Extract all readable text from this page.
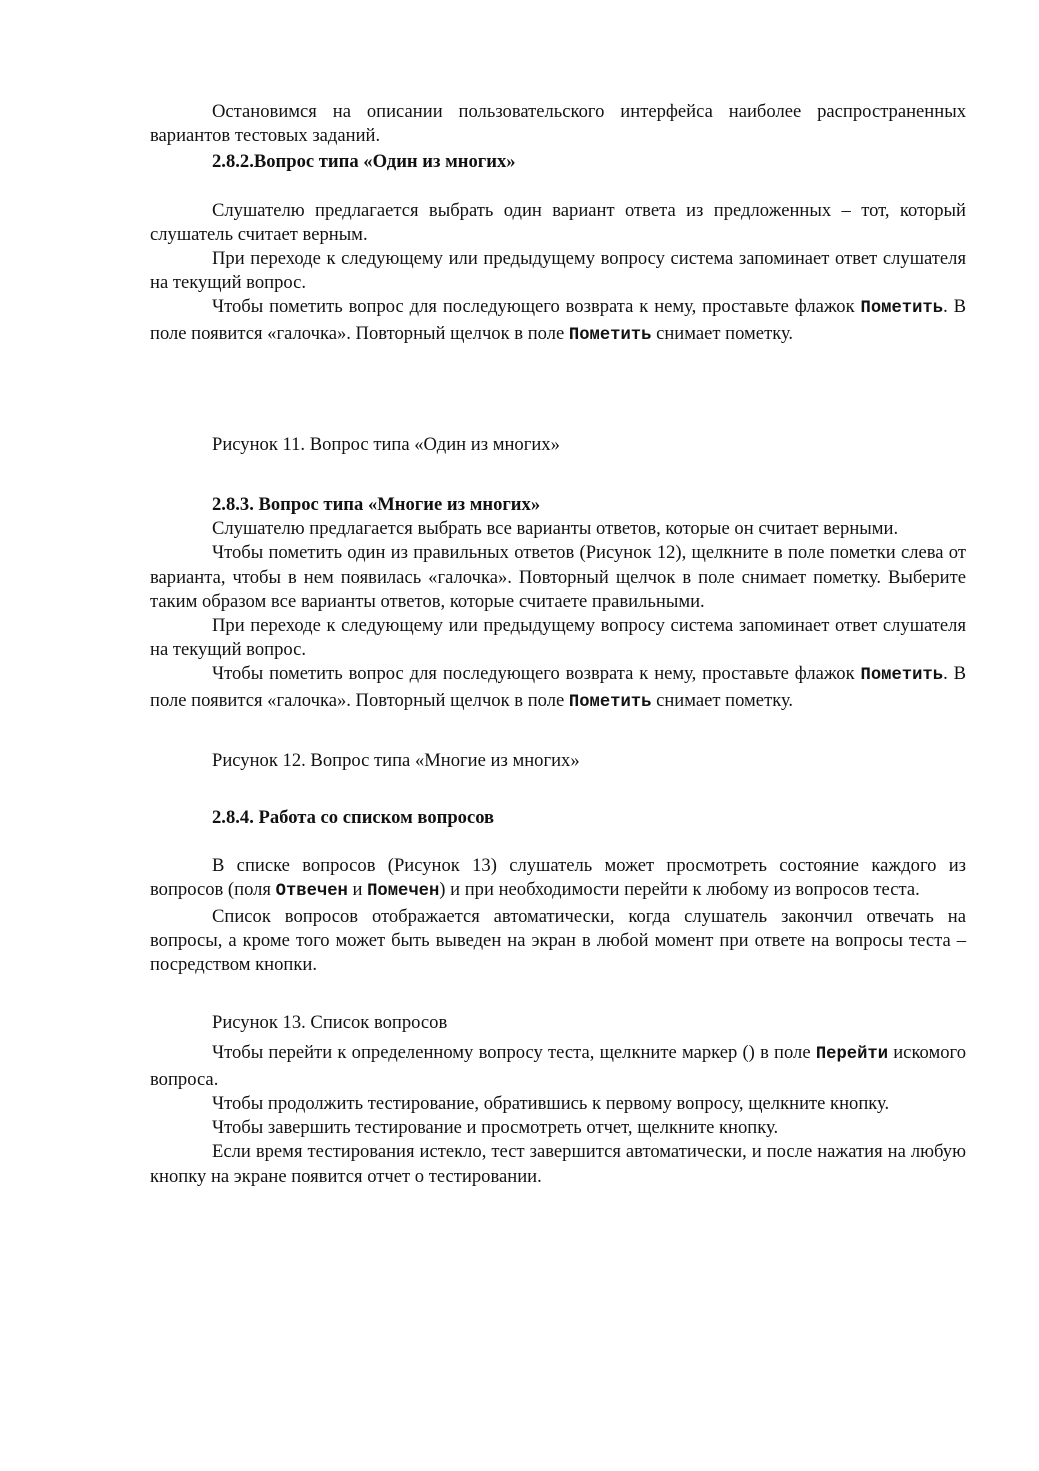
Остановимся на описании пользовательского интерфейса наиболее распространенных вариантов тестовых заданий.

2.8.2.Вопрос типа «Один из многих»

Слушателю предлагается выбрать один вариант ответа из предложенных – тот, который слушатель считает верным.

При переходе к следующему или предыдущему вопросу система запоминает ответ слушателя на текущий вопрос.

Чтобы пометить вопрос для последующего возврата к нему, проставьте флажок Пометить. В поле появится «галочка». Повторный щелчок в поле Пометить снимает пометку.

Рисунок 11. Вопрос типа «Один из многих»

2.8.3. Вопрос типа «Многие из многих»

Слушателю предлагается выбрать все варианты ответов, которые он считает верными.

Чтобы пометить один из правильных ответов (Рисунок 12), щелкните в поле пометки слева от варианта, чтобы в нем появилась «галочка». Повторный щелчок в поле снимает пометку. Выберите таким образом все варианты ответов, которые считаете правильными.

При переходе к следующему или предыдущему вопросу система запоминает ответ слушателя на текущий вопрос.

Чтобы пометить вопрос для последующего возврата к нему, проставьте флажок Пометить. В поле появится «галочка». Повторный щелчок в поле Пометить снимает пометку.

Рисунок 12. Вопрос типа «Многие из многих»

2.8.4. Работа со списком вопросов

В списке вопросов (Рисунок 13) слушатель может просмотреть состояние каждого из вопросов (поля Отвечен и Помечен) и при необходимости перейти к любому из вопросов теста.

Список вопросов отображается автоматически, когда слушатель закончил отвечать на вопросы, а кроме того может быть выведен на экран в любой момент при ответе на вопросы теста – посредством кнопки.

Рисунок 13. Список вопросов

Чтобы перейти к определенному вопросу теста, щелкните маркер () в поле Перейти искомого вопроса.

Чтобы продолжить тестирование, обратившись к первому вопросу, щелкните кнопку.

Чтобы завершить тестирование и просмотреть отчет, щелкните кнопку.

Если время тестирования истекло, тест завершится автоматически, и после нажатия на любую кнопку на экране появится отчет о тестировании.
